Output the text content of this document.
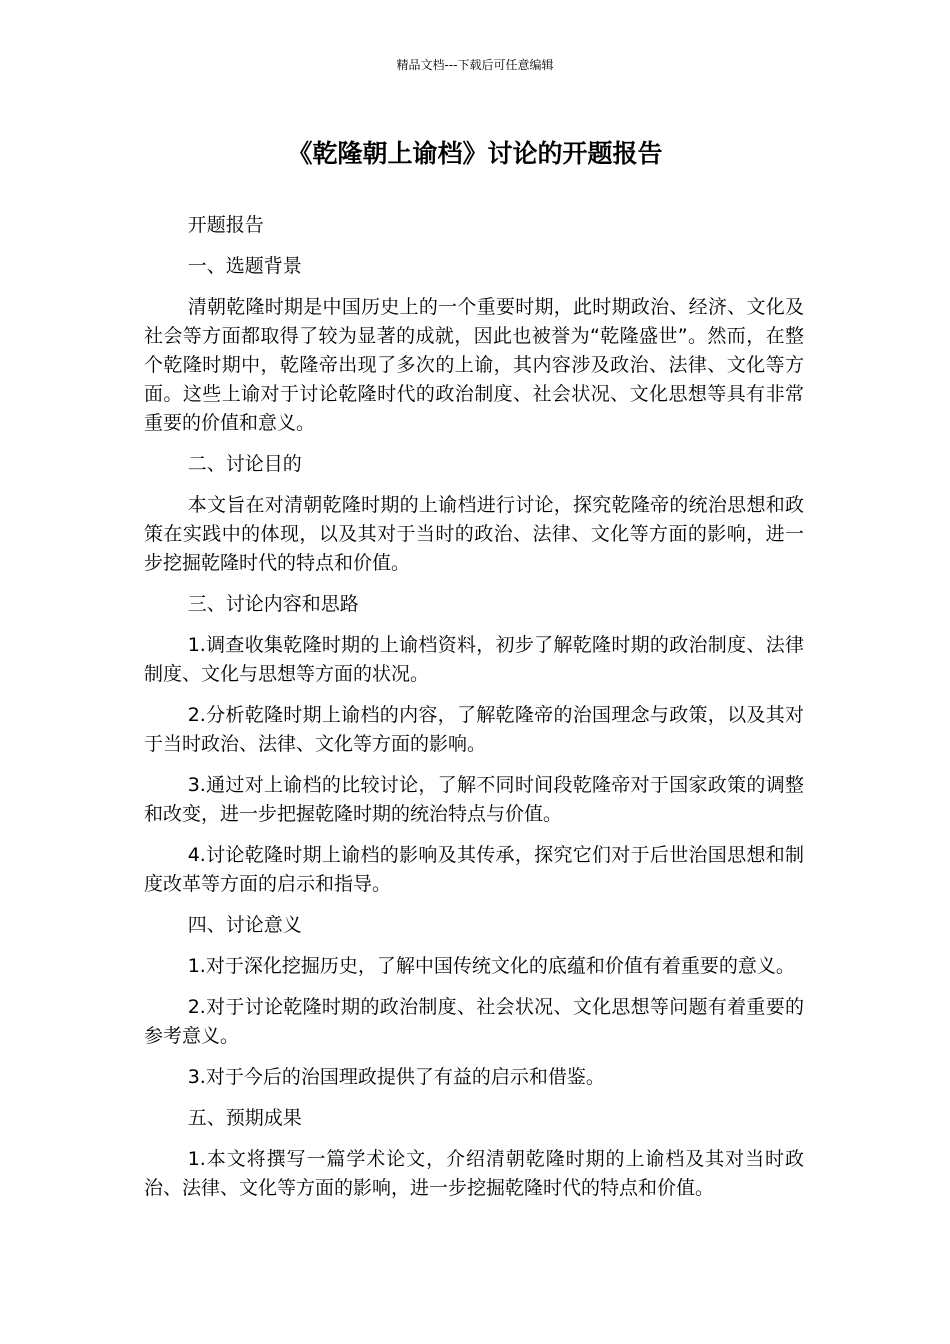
精品文档---下载后可任意编辑
《乾隆朝上谕档》讨论的开题报告

开题报告

一、选题背景

清朝乾隆时期是中国历史上的一个重要时期，此时期政治、经济、文化及社会等方面都取得了较为显著的成就，因此也被誉为“乾隆盛世”。然而，在整个乾隆时期中，乾隆帝出现了多次的上谕，其内容涉及政治、法律、文化等方面。这些上谕对于讨论乾隆时代的政治制度、社会状况、文化思想等具有非常重要的价值和意义。

二、讨论目的

本文旨在对清朝乾隆时期的上谕档进行讨论，探究乾隆帝的统治思想和政策在实践中的体现，以及其对于当时的政治、法律、文化等方面的影响，进一步挖掘乾隆时代的特点和价值。

三、讨论内容和思路

1.调查收集乾隆时期的上谕档资料，初步了解乾隆时期的政治制度、法律制度、文化与思想等方面的状况。

2.分析乾隆时期上谕档的内容，了解乾隆帝的治国理念与政策，以及其对于当时政治、法律、文化等方面的影响。

3.通过对上谕档的比较讨论，了解不同时间段乾隆帝对于国家政策的调整和改变，进一步把握乾隆时期的统治特点与价值。

4.讨论乾隆时期上谕档的影响及其传承，探究它们对于后世治国思想和制度改革等方面的启示和指导。

四、讨论意义

1.对于深化挖掘历史，了解中国传统文化的底蕴和价值有着重要的意义。

2.对于讨论乾隆时期的政治制度、社会状况、文化思想等问题有着重要的参考意义。

3.对于今后的治国理政提供了有益的启示和借鉴。

五、预期成果

1.本文将撰写一篇学术论文，介绍清朝乾隆时期的上谕档及其对当时政治、法律、文化等方面的影响，进一步挖掘乾隆时代的特点和价值。
